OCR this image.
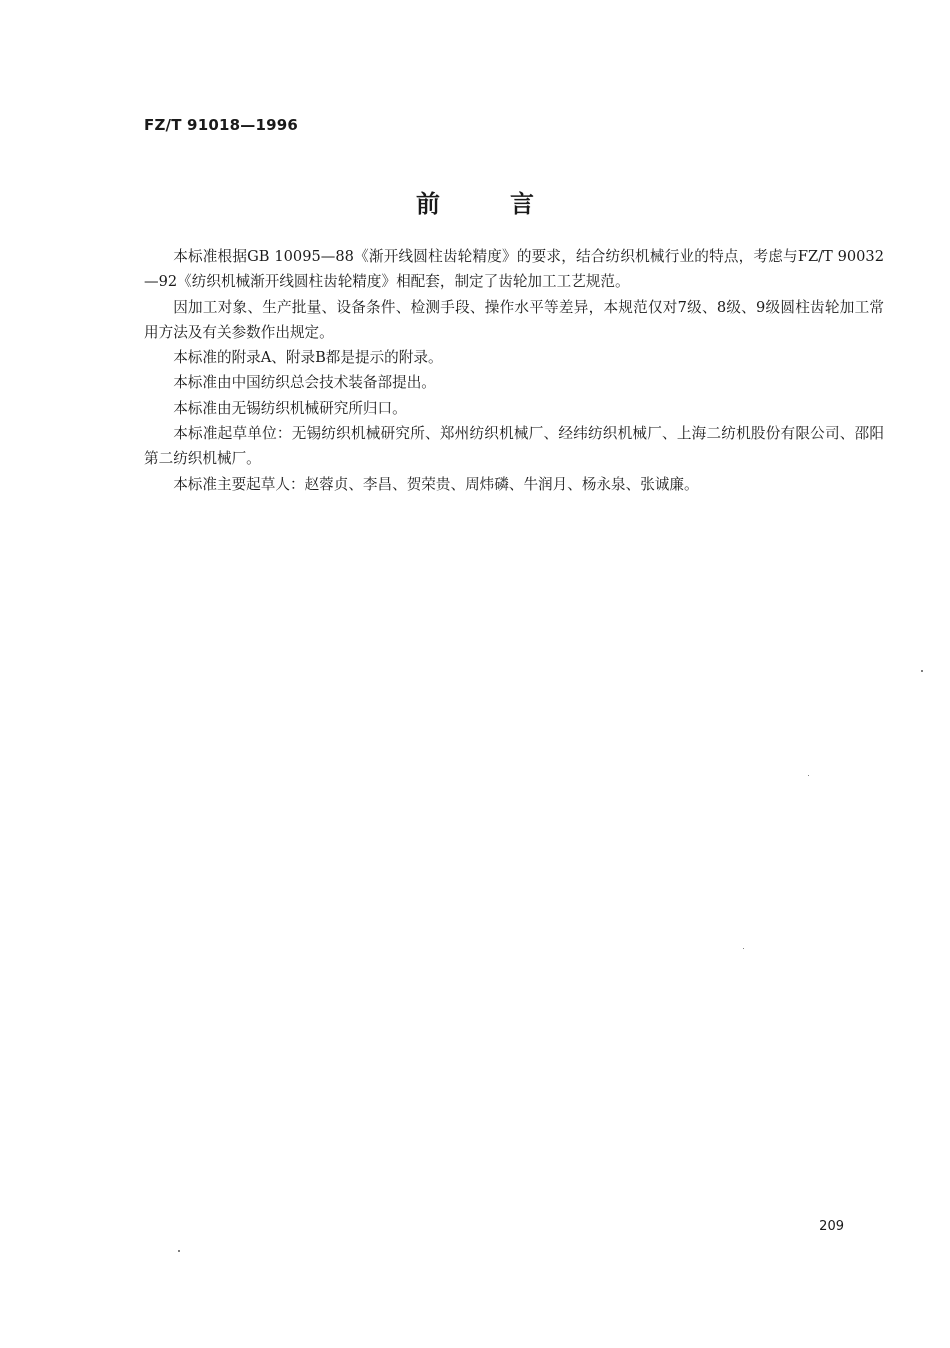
FZ/T 91018—1996
前	言

本标准根据GB 10095—88《渐开线圆柱齿轮精度》的要求，结合纺织机械行业的特点，考虑与FZ/T 90032—92《纺织机械渐开线圆柱齿轮精度》相配套，制定了齿轮加工工艺规范。

因加工对象、生产批量、设备条件、检测手段、操作水平等差异，本规范仅对7级、8级、9级圆柱齿轮加工常用方法及有关参数作出规定。

本标准的附录A、附录B都是提示的附录。

本标准由中国纺织总会技术装备部提出。

本标准由无锡纺织机械研究所归口。

本标准起草单位：无锡纺织机械研究所、郑州纺织机械厂、经纬纺织机械厂、上海二纺机股份有限公司、邵阳第二纺织机械厂。

本标准主要起草人：赵蓉贞、李昌、贺荣贵、周炜磷、牛润月、杨永泉、张诚廉。

209
